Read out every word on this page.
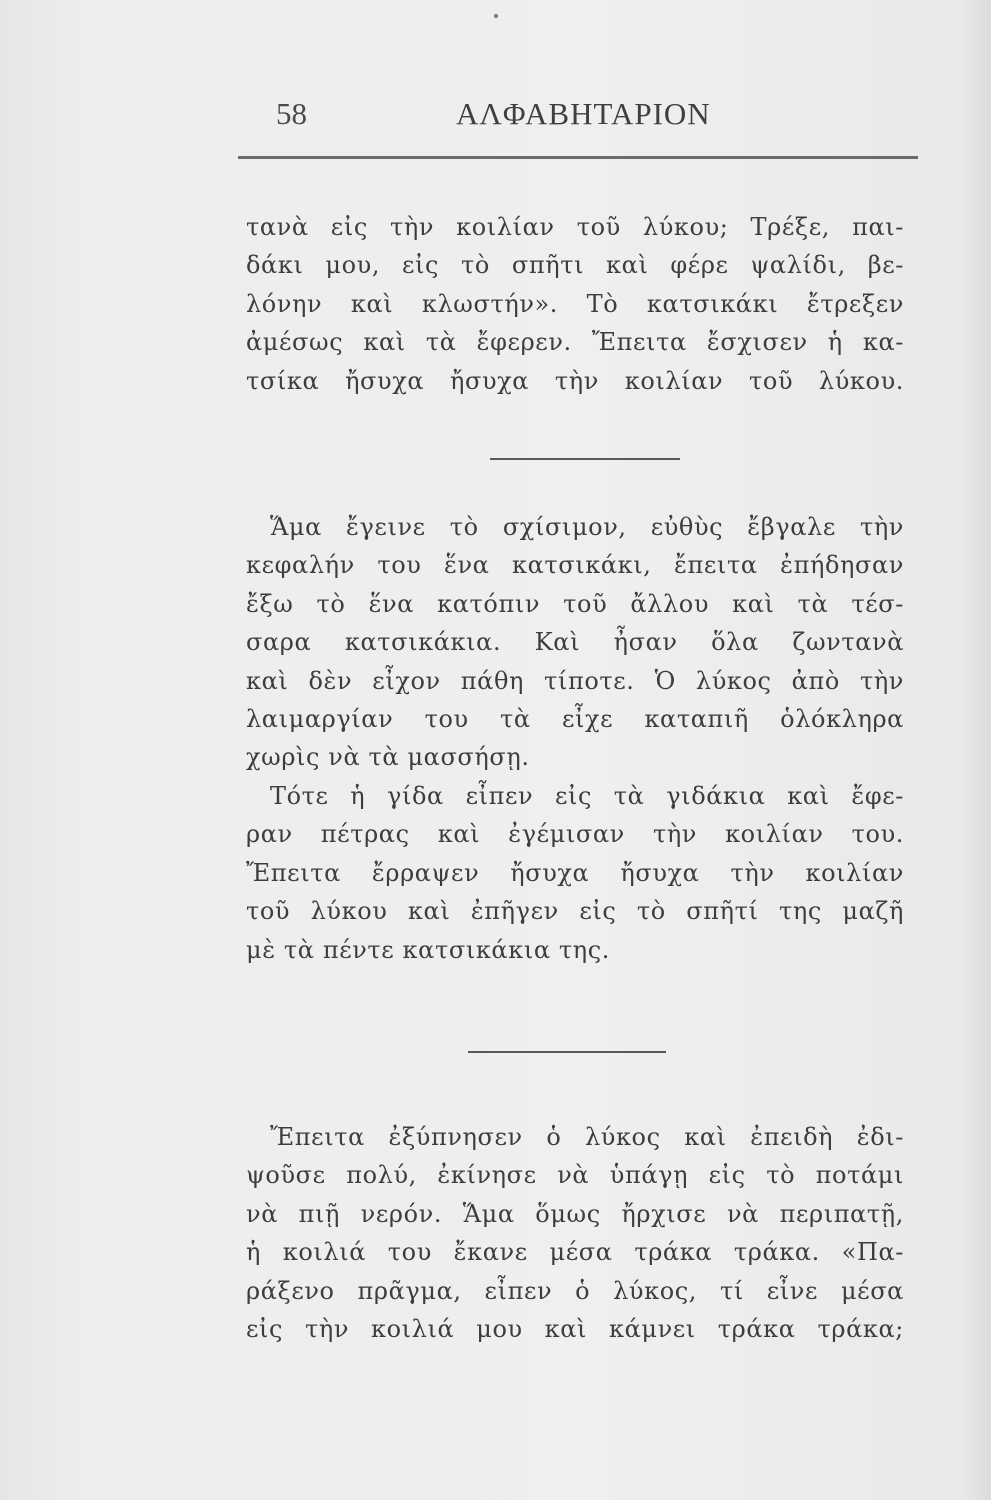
58	ΑΛΦΑΒΗΤΑΡΙΟΝ
τανὰ εἰς τὴν κοιλίαν τοῦ λύκου; Τρέξε, παι-
δάκι μου, εἰς τὸ σπῆτι καὶ φέρε ψαλίδι, βε-
λόνην καὶ κλωστήν». Τὸ κατσικάκι ἔτρεξεν
ἀμέσως καὶ τὰ ἔφερεν. Ἔπειτα ἔσχισεν ἡ κα-
τσίκα ἤσυχα ἤσυχα τὴν κοιλίαν τοῦ λύκου.
Ἅμα ἔγεινε τὸ σχίσιμον, εὐθὺς ἔβγαλε τὴν
κεφαλήν του ἕνα κατσικάκι, ἔπειτα ἐπήδησαν
ἔξω τὸ ἕνα κατόπιν τοῦ ἄλλου καὶ τὰ τέσ-
σαρα κατσικάκια. Καὶ ἦσαν ὅλα ζωντανὰ
καὶ δὲν εἶχον πάθη τίποτε. Ὁ λύκος ἀπὸ τὴν
λαιμαργίαν του τὰ εἶχε καταπιῆ ὁλόκληρα
χωρὶς νὰ τὰ μασσήσῃ.
Τότε ἡ γίδα εἶπεν εἰς τὰ γιδάκια καὶ ἔφε-
ραν πέτρας καὶ ἐγέμισαν τὴν κοιλίαν του.
Ἔπειτα ἔρραψεν ἤσυχα ἤσυχα τὴν κοιλίαν
τοῦ λύκου καὶ ἐπῆγεν εἰς τὸ σπῆτί της μαζῆ
μὲ τὰ πέντε κατσικάκια της.
Ἔπειτα ἐξύπνησεν ὁ λύκος καὶ ἐπειδὴ ἐδι-
ψοῦσε πολύ, ἐκίνησε νὰ ὑπάγῃ εἰς τὸ ποτάμι
νὰ πιῇ νερόν. Ἅμα ὅμως ἤρχισε νὰ περιπατῇ,
ἡ κοιλιά του ἔκανε μέσα τράκα τράκα. «Πα-
ράξενο πρᾶγμα, εἶπεν ὁ λύκος, τί εἶνε μέσα
εἰς τὴν κοιλιά μου καὶ κάμνει τράκα τράκα;
